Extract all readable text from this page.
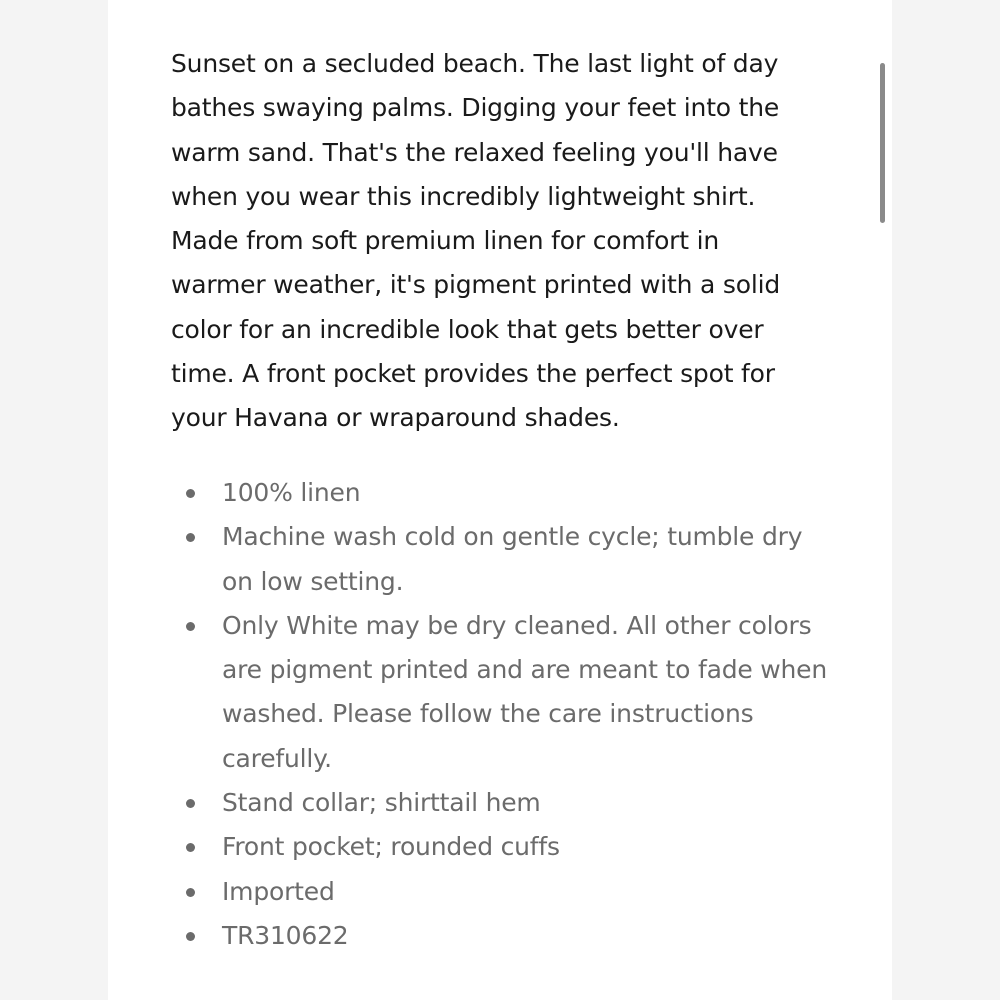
Sunset on a secluded beach. The last light of day bathes swaying palms. Digging your feet into the warm sand. That's the relaxed feeling you'll have when you wear this incredibly lightweight shirt. Made from soft premium linen for comfort in warmer weather, it's pigment printed with a solid color for an incredible look that gets better over time. A front pocket provides the perfect spot for your Havana or wraparound shades.

100% linen
Machine wash cold on gentle cycle; tumble dry on low setting.
Only White may be dry cleaned. All other colors are pigment printed and are meant to fade when washed. Please follow the care instructions carefully.
Stand collar; shirttail hem
Front pocket; rounded cuffs
Imported
TR310622
